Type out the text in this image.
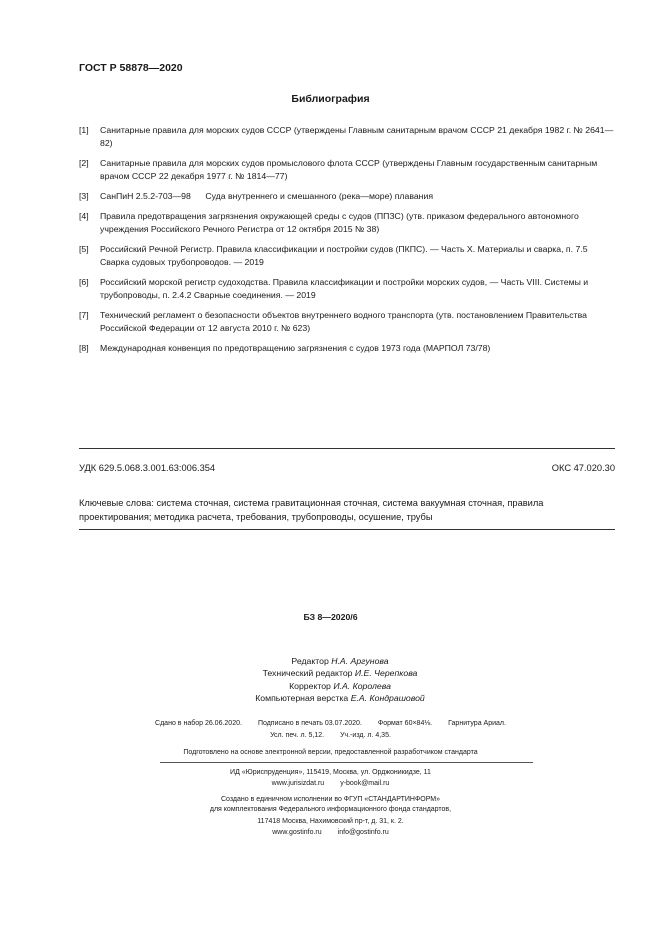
ГОСТ Р 58878—2020
Библиография
[1]	Санитарные правила для морских судов СССР (утверждены Главным санитарным врачом СССР 21 декабря 1982 г. № 2641—82)
[2]	Санитарные правила для морских судов промыслового флота СССР (утверждены Главным государственным санитарным врачом СССР 22 декабря 1977 г. № 1814—77)
[3]	СанПиН 2.5.2-703—98      Суда внутреннего и смешанного (река—море) плавания
[4]	Правила предотвращения загрязнения окружающей среды с судов (ППЗС) (утв. приказом федерального автономного учреждения Российского Речного Регистра от 12 октября 2015 № 38)
[5]	Российский Речной Регистр. Правила классификации и постройки судов (ПКПС). — Часть Х. Материалы и сварка, п. 7.5 Сварка судовых трубопроводов. — 2019
[6]	Российский морской регистр судоходства. Правила классификации и постройки морских судов, — Часть VIII. Системы и трубопроводы, п. 2.4.2 Сварные соединения. — 2019
[7]	Технический регламент о безопасности объектов внутреннего водного транспорта (утв. постановлением Правительства Российской Федерации от 12 августа 2010 г. № 623)
[8]	Международная конвенция по предотвращению загрязнения с судов 1973 года (МАРПОЛ 73/78)
УДК 629.5.068.3.001.63:006.354	ОКС 47.020.30
Ключевые слова: система сточная, система гравитационная сточная, система вакуумная сточная, правила проектирования; методика расчета, требования, трубопроводы, осушение, трубы
БЗ 8—2020/6
Редактор Н.А. Аргунова
Технический редактор И.Е. Черепкова
Корректор И.А. Королева
Компьютерная верстка Е.А. Кондрашовой
Сдано в набор 26.06.2020. Подписано в печать 03.07.2020. Формат 60×84⅛. Гарнитура Ариал.
Усл. печ. л. 5,12. Уч.-изд. л. 4,35.
Подготовлено на основе электронной версии, предоставленной разработчиком стандарта
ИД «Юриспруденция», 115419, Москва, ул. Орджоникидзе, 11
www.jurisizdat.ru y-book@mail.ru
Создано в единичном исполнении во ФГУП «СТАНДАРТИНФОРМ»
для комплектования Федерального информационного фонда стандартов,
117418 Москва, Нахимовский пр-т, д. 31, к. 2.
www.gostinfo.ru info@gostinfo.ru
